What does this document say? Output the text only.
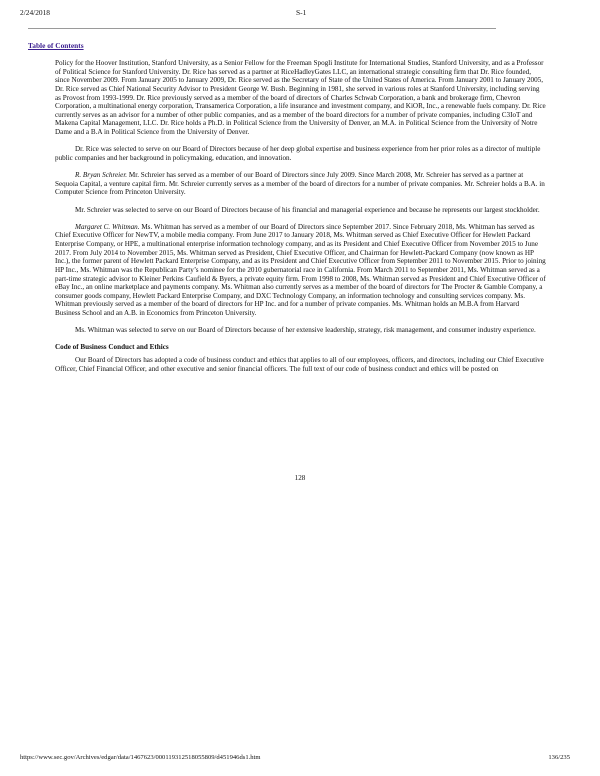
2/24/2018	S-1
Table of Contents

Policy for the Hoover Institution, Stanford University, as a Senior Fellow for the Freeman Spogli Institute for International Studies, Stanford University, and as a Professor of Political Science for Stanford University. Dr. Rice has served as a partner at RiceHadleyGates LLC, an international strategic consulting firm that Dr. Rice founded, since November 2009. From January 2005 to January 2009, Dr. Rice served as the Secretary of State of the United States of America. From January 2001 to January 2005, Dr. Rice served as Chief National Security Advisor to President George W. Bush. Beginning in 1981, she served in various roles at Stanford University, including serving as Provost from 1993-1999. Dr. Rice previously served as a member of the board of directors of Charles Schwab Corporation, a bank and brokerage firm, Chevron Corporation, a multinational energy corporation, Transamerica Corporation, a life insurance and investment company, and KiOR, Inc., a renewable fuels company. Dr. Rice currently serves as an advisor for a number of other public companies, and as a member of the board directors for a number of private companies, including C3IoT and Makena Capital Management, LLC. Dr. Rice holds a Ph.D. in Political Science from the University of Denver, an M.A. in Political Science from the University of Notre Dame and a B.A in Political Science from the University of Denver.

Dr. Rice was selected to serve on our Board of Directors because of her deep global expertise and business experience from her prior roles as a director of multiple public companies and her background in policymaking, education, and innovation.

R. Bryan Schreier. Mr. Schreier has served as a member of our Board of Directors since July 2009. Since March 2008, Mr. Schreier has served as a partner at Sequoia Capital, a venture capital firm. Mr. Schreier currently serves as a member of the board of directors for a number of private companies. Mr. Schreier holds a B.A. in Computer Science from Princeton University.

Mr. Schreier was selected to serve on our Board of Directors because of his financial and managerial experience and because he represents our largest stockholder.

Margaret C. Whitman. Ms. Whitman has served as a member of our Board of Directors since September 2017. Since February 2018, Ms. Whitman has served as Chief Executive Officer for NewTV, a mobile media company. From June 2017 to January 2018, Ms. Whitman served as Chief Executive Officer for Hewlett Packard Enterprise Company, or HPE, a multinational enterprise information technology company, and as its President and Chief Executive Officer from November 2015 to June 2017. From July 2014 to November 2015, Ms. Whitman served as President, Chief Executive Officer, and Chairman for Hewlett-Packard Company (now known as HP Inc.), the former parent of Hewlett Packard Enterprise Company, and as its President and Chief Executive Officer from September 2011 to November 2015. Prior to joining HP Inc., Ms. Whitman was the Republican Party’s nominee for the 2010 gubernatorial race in California. From March 2011 to September 2011, Ms. Whitman served as a part-time strategic advisor to Kleiner Perkins Caufield & Byers, a private equity firm. From 1998 to 2008, Ms. Whitman served as President and Chief Executive Officer of eBay Inc., an online marketplace and payments company. Ms. Whitman also currently serves as a member of the board of directors for The Procter & Gamble Company, a consumer goods company, Hewlett Packard Enterprise Company, and DXC Technology Company, an information technology and consulting services company. Ms. Whitman previously served as a member of the board of directors for HP Inc. and for a number of private companies. Ms. Whitman holds an M.B.A from Harvard Business School and an A.B. in Economics from Princeton University.

Ms. Whitman was selected to serve on our Board of Directors because of her extensive leadership, strategy, risk management, and consumer industry experience.

Code of Business Conduct and Ethics

Our Board of Directors has adopted a code of business conduct and ethics that applies to all of our employees, officers, and directors, including our Chief Executive Officer, Chief Financial Officer, and other executive and senior financial officers. The full text of our code of business conduct and ethics will be posted on

128
https://www.sec.gov/Archives/edgar/data/1467623/000119312518055809/d451946ds1.htm	136/235
